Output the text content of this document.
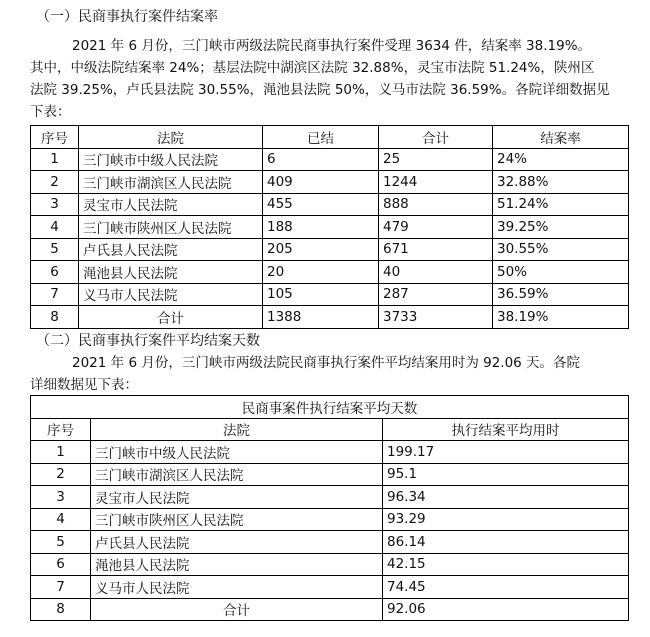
（一）民商事执行案件结案率
2021 年 6 月份，三门峡市两级法院民商事执行案件受理 3634 件，结案率 38.19%。
其中，中级法院结案率 24%；基层法院中湖滨区法院 32.88%，灵宝市法院 51.24%，陕州区
法院 39.25%，卢氏县法院 30.55%，渑池县法院 50%，义马市法院 36.59%。各院详细数据见
下表：
序号	法院	已结	合计	结案率
1	三门峡市中级人民法院	6	25	24%
2	三门峡市湖滨区人民法院	409	1244	32.88%
3	灵宝市人民法院	455	888	51.24%
4	三门峡市陕州区人民法院	188	479	39.25%
5	卢氏县人民法院	205	671	30.55%
6	渑池县人民法院	20	40	50%
7	义马市人民法院	105	287	36.59%
8	合计	1388	3733	38.19%
（二）民商事执行案件平均结案天数
2021 年 6 月份，三门峡市两级法院民商事执行案件平均结案用时为 92.06 天。各院
详细数据见下表：
民商事案件执行结案平均天数		
序号	法院	执行结案平均用时
1	三门峡市中级人民法院	199.17
2	三门峡市湖滨区人民法院	95.1
3	灵宝市人民法院	96.34
4	三门峡市陕州区人民法院	93.29
5	卢氏县人民法院	86.14
6	渑池县人民法院	42.15
7	义马市人民法院	74.45
8	合计	92.06
